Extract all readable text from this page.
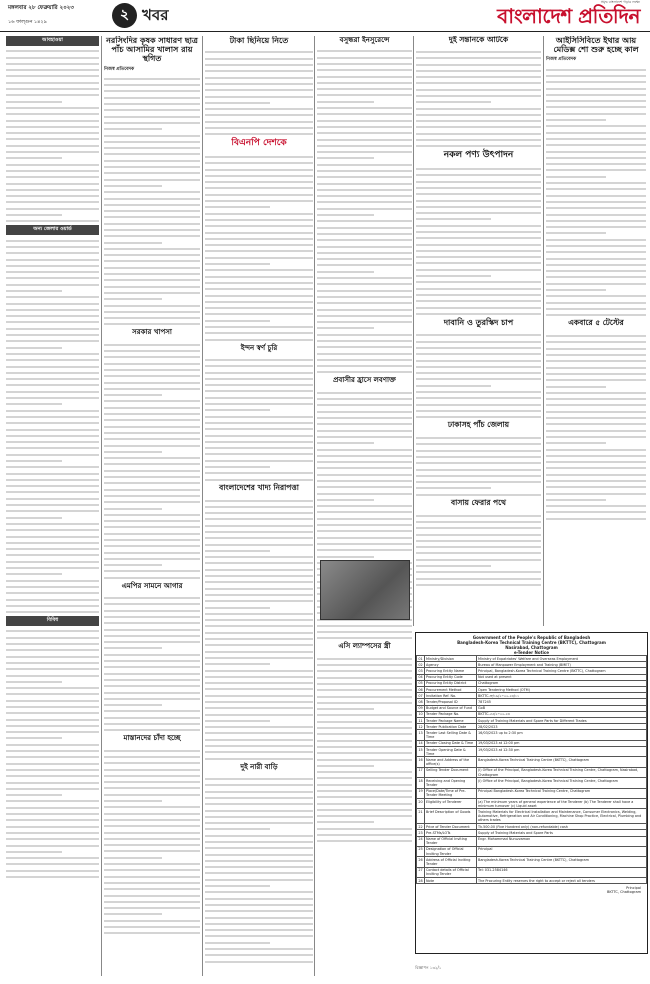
মঙ্গলবার ২৮ ফেব্রুয়ারি ২০২৩
১৬ ফাল্গুন ১৪২৯	২ খবর
সমৃদ্ধ বাংলাদেশ গড়ার লক্ষ্যে
বাংলাদেশ প্রতিদিন
আবহাওয়া
অন্য জেলার ওয়ার্ড
বিবিধ
নরসিংদির কৃষক সাধারণ ছাত্র পাঁচ আসামির খালাস রায় স্থগিত
নিজস্ব প্রতিবেদক
সরকার খাপসা
এমপির সামনে আগার
মাস্তানদের চাঁদা হচ্ছে
টাকা ছিনিয়ে নিতে
বিএনপি দেশকে
ইন্দন স্বর্ণ চুরি
বাংলাদেশের খাদ্য নিরাপত্তা
দুই নারী বাড়ি
বসুন্ধরা ইনসুরেন্সে
প্রবাসীর হ্রাসে লবণাক্ত
এসি ল্যাম্পসের স্ত্রী
দুই সন্তানকে আটকে
নকল পণ্য উৎপাদন
দাবানি ও তুরস্কিদ চাপ
ঢাকাসহ পাঁচ জেলায়
বাসায় ফেরার পথে
আইসিসিবিতে ইথার আয় মেডিক্স শো শুরু হচ্ছে কাল
নিজস্ব প্রতিবেদক
একবারে ৫ টেস্টের
Government of the People's Republic of Bangladesh
Bangladesh-Korea Technical Training Centre (BKTTC), Chattogram
Nasirabad, Chattogram
e-Tender Notice
01	Ministry/Division	Ministry of Expatriates' Welfare and Overseas Employment
02	Agency	Bureau of Manpower Employment and Training (BMET)
03	Procuring Entity Name	Principal, Bangladesh-Korea Technical Training Centre (BKTTC), Chattogram
04	Procuring Entity Code	Not used at present
05	Procuring Entity District	Chattogram
06	Procurement Method	Open Tendering Method (OTM)
07	Invitation Ref. No.	BKTTC-ক্র/১৬/২০২২-২৩/১১
08	Tender/Proposal ID	787245
09	Budget and Source of Fund	GoB
10	Tender Package No.	BKTTC-৫৫/২০২২-২৩
11	Tender Package Name	Supply of Training Materials and Spare Parts for Different Trades
12	Tender Publication Date	28/02/2023
13	Tender Last Selling Date & Time	16/03/2023 up to 2:30 pm
14	Tender Closing Date & Time	19/03/2023 at 12:00 pm
15	Tender Opening Date & Time	19/03/2023 at 12:30 pm
16	Name and Address of the office(s)	Bangladesh-Korea Technical Training Centre (BKTTC), Chattogram
17	Selling Tender Document	(i) Office of the Principal, Bangladesh-Korea Technical Training Centre, Chattogram, Nasirabad, Chattogram
18	Receiving and Opening Tender	(i) Office of the Principal, Bangladesh-Korea Technical Training Centre, Chattogram
19	Place/Date/Time of Pre-Tender Meeting	Principal Bangladesh-Korea Technical Training Centre, Chattogram
20	Eligibility of Tenderer	(a) The minimum years of general experience of the Tenderer (b) The Tenderer shall have a minimum turnover (c) Liquid asset
21	Brief Description of Goods	Training Materials for Electrical Installation and Maintenance, Consumer Electronics, Welding, Automotive, Refrigeration and Air Conditioning, Machine Shop Practice, Electrical, Plumbing and others trades
22	Price of Tender Document	Tk.500.00 (Five Hundred only) (non-refundable) cash
23	Pre-STMs/LOTs	Supply of Training Materials and Spare Parts
24	Name of Official Inviting Tender	Engr. Mohammad Nuruzzaman
25	Designation of Official Inviting Tender	Principal
26	Address of Official Inviting Tender	Bangladesh-Korea Technical Training Centre (BKTTC), Chattogram
27	Contact details of Official Inviting Tender	Tel: 031-2584146
28	Note	The Procuring Entity reserves the right to accept or reject all tenders
Principal
BKTTC, Chattogram
বিজ্ঞাপন ১৩২/১
